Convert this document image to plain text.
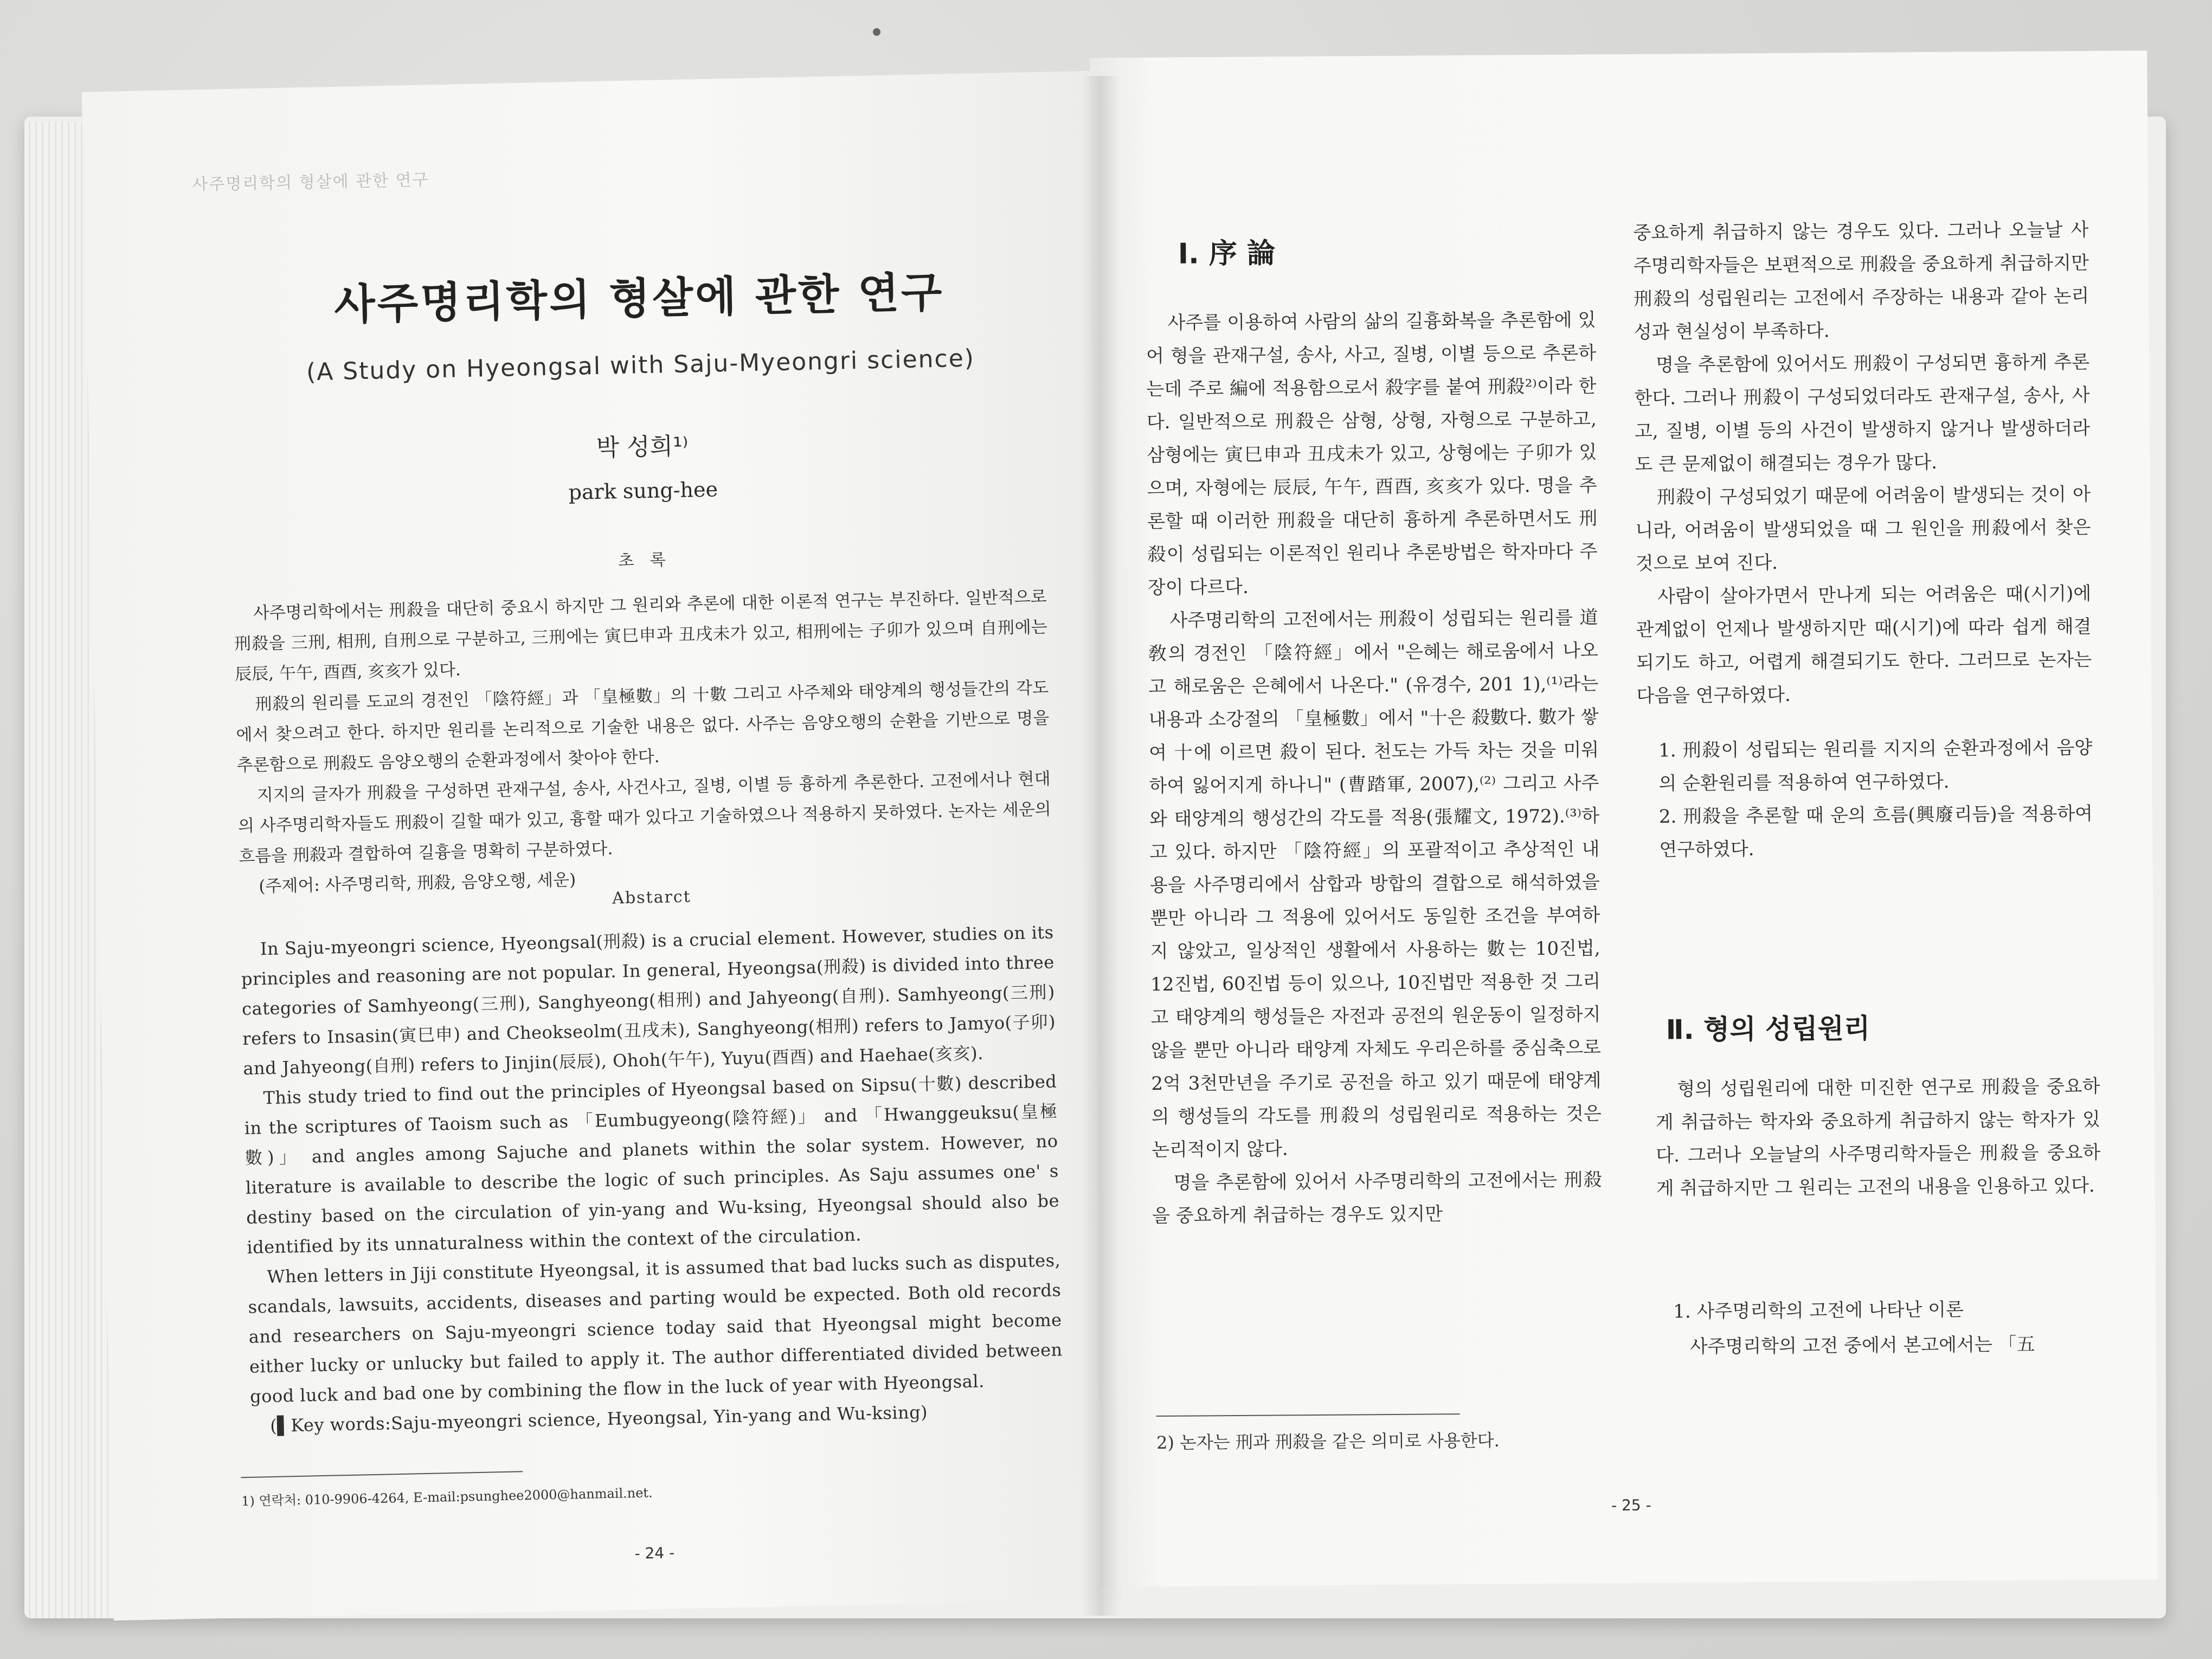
사주명리학의 형살에 관한 연구
사주명리학의 형살에 관한 연구
(A Study on Hyeongsal with Saju-Myeongri science)
박 성희¹⁾
park sung-hee
초 록

사주명리학에서는 刑殺을 대단히 중요시 하지만 그 원리와 추론에 대한 이론적 연구는 부진하다. 일반적으로 刑殺을 三刑, 相刑, 自刑으로 구분하고, 三刑에는 寅巳申과 丑戌未가 있고, 相刑에는 子卯가 있으며 自刑에는 辰辰, 午午, 酉酉, 亥亥가 있다.

刑殺의 원리를 도교의 경전인 「陰符經」과 「皇極數」의 十數 그리고 사주체와 태양계의 행성들간의 각도에서 찾으려고 한다. 하지만 원리를 논리적으로 기술한 내용은 없다. 사주는 음양오행의 순환을 기반으로 명을 추론함으로 刑殺도 음양오행의 순환과정에서 찾아야 한다.

지지의 글자가 刑殺을 구성하면 관재구설, 송사, 사건사고, 질병, 이별 등 흉하게 추론한다. 고전에서나 현대의 사주명리학자들도 刑殺이 길할 때가 있고, 흉할 때가 있다고 기술하였으나 적용하지 못하였다. 논자는 세운의 흐름을 刑殺과 결합하여 길흉을 명확히 구분하였다.

(주제어: 사주명리학, 刑殺, 음양오행, 세운)

Abstarct

In Saju-myeongri science, Hyeongsal(刑殺) is a crucial element. However, studies on its principles and reasoning are not popular. In general, Hyeongsa(刑殺) is divided into three categories of Samhyeong(三刑), Sanghyeong(相刑) and Jahyeong(自刑). Samhyeong(三刑) refers to Insasin(寅巳申) and Cheokseolm(丑戌未), Sanghyeong(相刑) refers to Jamyo(子卯) and Jahyeong(自刑) refers to Jinjin(辰辰), Ohoh(午午), Yuyu(酉酉) and Haehae(亥亥).

This study tried to find out the principles of Hyeongsal based on Sipsu(十數) described in the scriptures of Taoism such as 「Eumbugyeong(陰符經)」 and 「Hwanggeuksu(皇極數)」 and angles among Sajuche and planets within the solar system. However, no literature is available to describe the logic of such principles. As Saju assumes one' s destiny based on the circulation of yin-yang and Wu-ksing, Hyeongsal should also be identified by its unnaturalness within the context of the circulation.

When letters in Jiji constitute Hyeongsal, it is assumed that bad lucks such as disputes, scandals, lawsuits, accidents, diseases and parting would be expected. Both old records and researchers on Saju-myeongri science today said that Hyeongsal might become either lucky or unlucky but failed to apply it. The author differentiated divided between good luck and bad one by combining the flow in the luck of year with Hyeongsal.

(▌Key words:Saju-myeongri science, Hyeongsal, Yin-yang and Wu-ksing)

1) 연락처: 010-9906-4264, E-mail:psunghee2000@hanmail.net.
- 24 -
Ⅰ. 序 論

사주를 이용하여 사람의 삶의 길흉화복을 추론함에 있어 형을 관재구설, 송사, 사고, 질병, 이별 등으로 추론하는데 주로 編에 적용함으로서 殺字를 붙여 刑殺²⁾이라 한다. 일반적으로 刑殺은 삼형, 상형, 자형으로 구분하고, 삼형에는 寅巳申과 丑戌未가 있고, 상형에는 子卯가 있으며, 자형에는 辰辰, 午午, 酉酉, 亥亥가 있다. 명을 추론할 때 이러한 刑殺을 대단히 흉하게 추론하면서도 刑殺이 성립되는 이론적인 원리나 추론방법은 학자마다 주장이 다르다.

사주명리학의 고전에서는 刑殺이 성립되는 원리를 道敎의 경전인 「陰符經」에서 "은혜는 해로움에서 나오고 해로움은 은혜에서 나온다." (유경수, 201 1),⁽¹⁾라는 내용과 소강절의 「皇極數」에서 "十은 殺數다. 數가 쌓여 十에 이르면 殺이 된다. 천도는 가득 차는 것을 미워하여 잃어지게 하나니" (曹踏軍, 2007),⁽²⁾ 그리고 사주와 태양계의 행성간의 각도를 적용(張耀文, 1972).⁽³⁾하고 있다. 하지만 「陰符經」의 포괄적이고 추상적인 내용을 사주명리에서 삼합과 방합의 결합으로 해석하였을 뿐만 아니라 그 적용에 있어서도 동일한 조건을 부여하지 않았고, 일상적인 생활에서 사용하는 數는 10진법, 12진법, 60진법 등이 있으나, 10진법만 적용한 것 그리고 태양계의 행성들은 자전과 공전의 원운동이 일정하지 않을 뿐만 아니라 태양계 자체도 우리은하를 중심축으로 2억 3천만년을 주기로 공전을 하고 있기 때문에 태양계의 행성들의 각도를 刑殺의 성립원리로 적용하는 것은 논리적이지 않다.

명을 추론함에 있어서 사주명리학의 고전에서는 刑殺을 중요하게 취급하는 경우도 있지만

2) 논자는 刑과 刑殺을 같은 의미로 사용한다.

중요하게 취급하지 않는 경우도 있다. 그러나 오늘날 사주명리학자들은 보편적으로 刑殺을 중요하게 취급하지만 刑殺의 성립원리는 고전에서 주장하는 내용과 같아 논리성과 현실성이 부족하다.

명을 추론함에 있어서도 刑殺이 구성되면 흉하게 추론한다. 그러나 刑殺이 구성되었더라도 관재구설, 송사, 사고, 질병, 이별 등의 사건이 발생하지 않거나 발생하더라도 큰 문제없이 해결되는 경우가 많다.

刑殺이 구성되었기 때문에 어려움이 발생되는 것이 아니라, 어려움이 발생되었을 때 그 원인을 刑殺에서 찾은 것으로 보여 진다.

사람이 살아가면서 만나게 되는 어려움은 때(시기)에 관계없이 언제나 발생하지만 때(시기)에 따라 쉽게 해결되기도 하고, 어렵게 해결되기도 한다. 그러므로 논자는 다음을 연구하였다.

1. 刑殺이 성립되는 원리를 지지의 순환과정에서 음양의 순환원리를 적용하여 연구하였다.

2. 刑殺을 추론할 때 운의 흐름(興廢리듬)을 적용하여 연구하였다.

Ⅱ. 형의 성립원리

형의 성립원리에 대한 미진한 연구로 刑殺을 중요하게 취급하는 학자와 중요하게 취급하지 않는 학자가 있다. 그러나 오늘날의 사주명리학자들은 刑殺을 중요하게 취급하지만 그 원리는 고전의 내용을 인용하고 있다.

1. 사주명리학의 고전에 나타난 이론
사주명리학의 고전 중에서 본고에서는 「五
- 25 -
